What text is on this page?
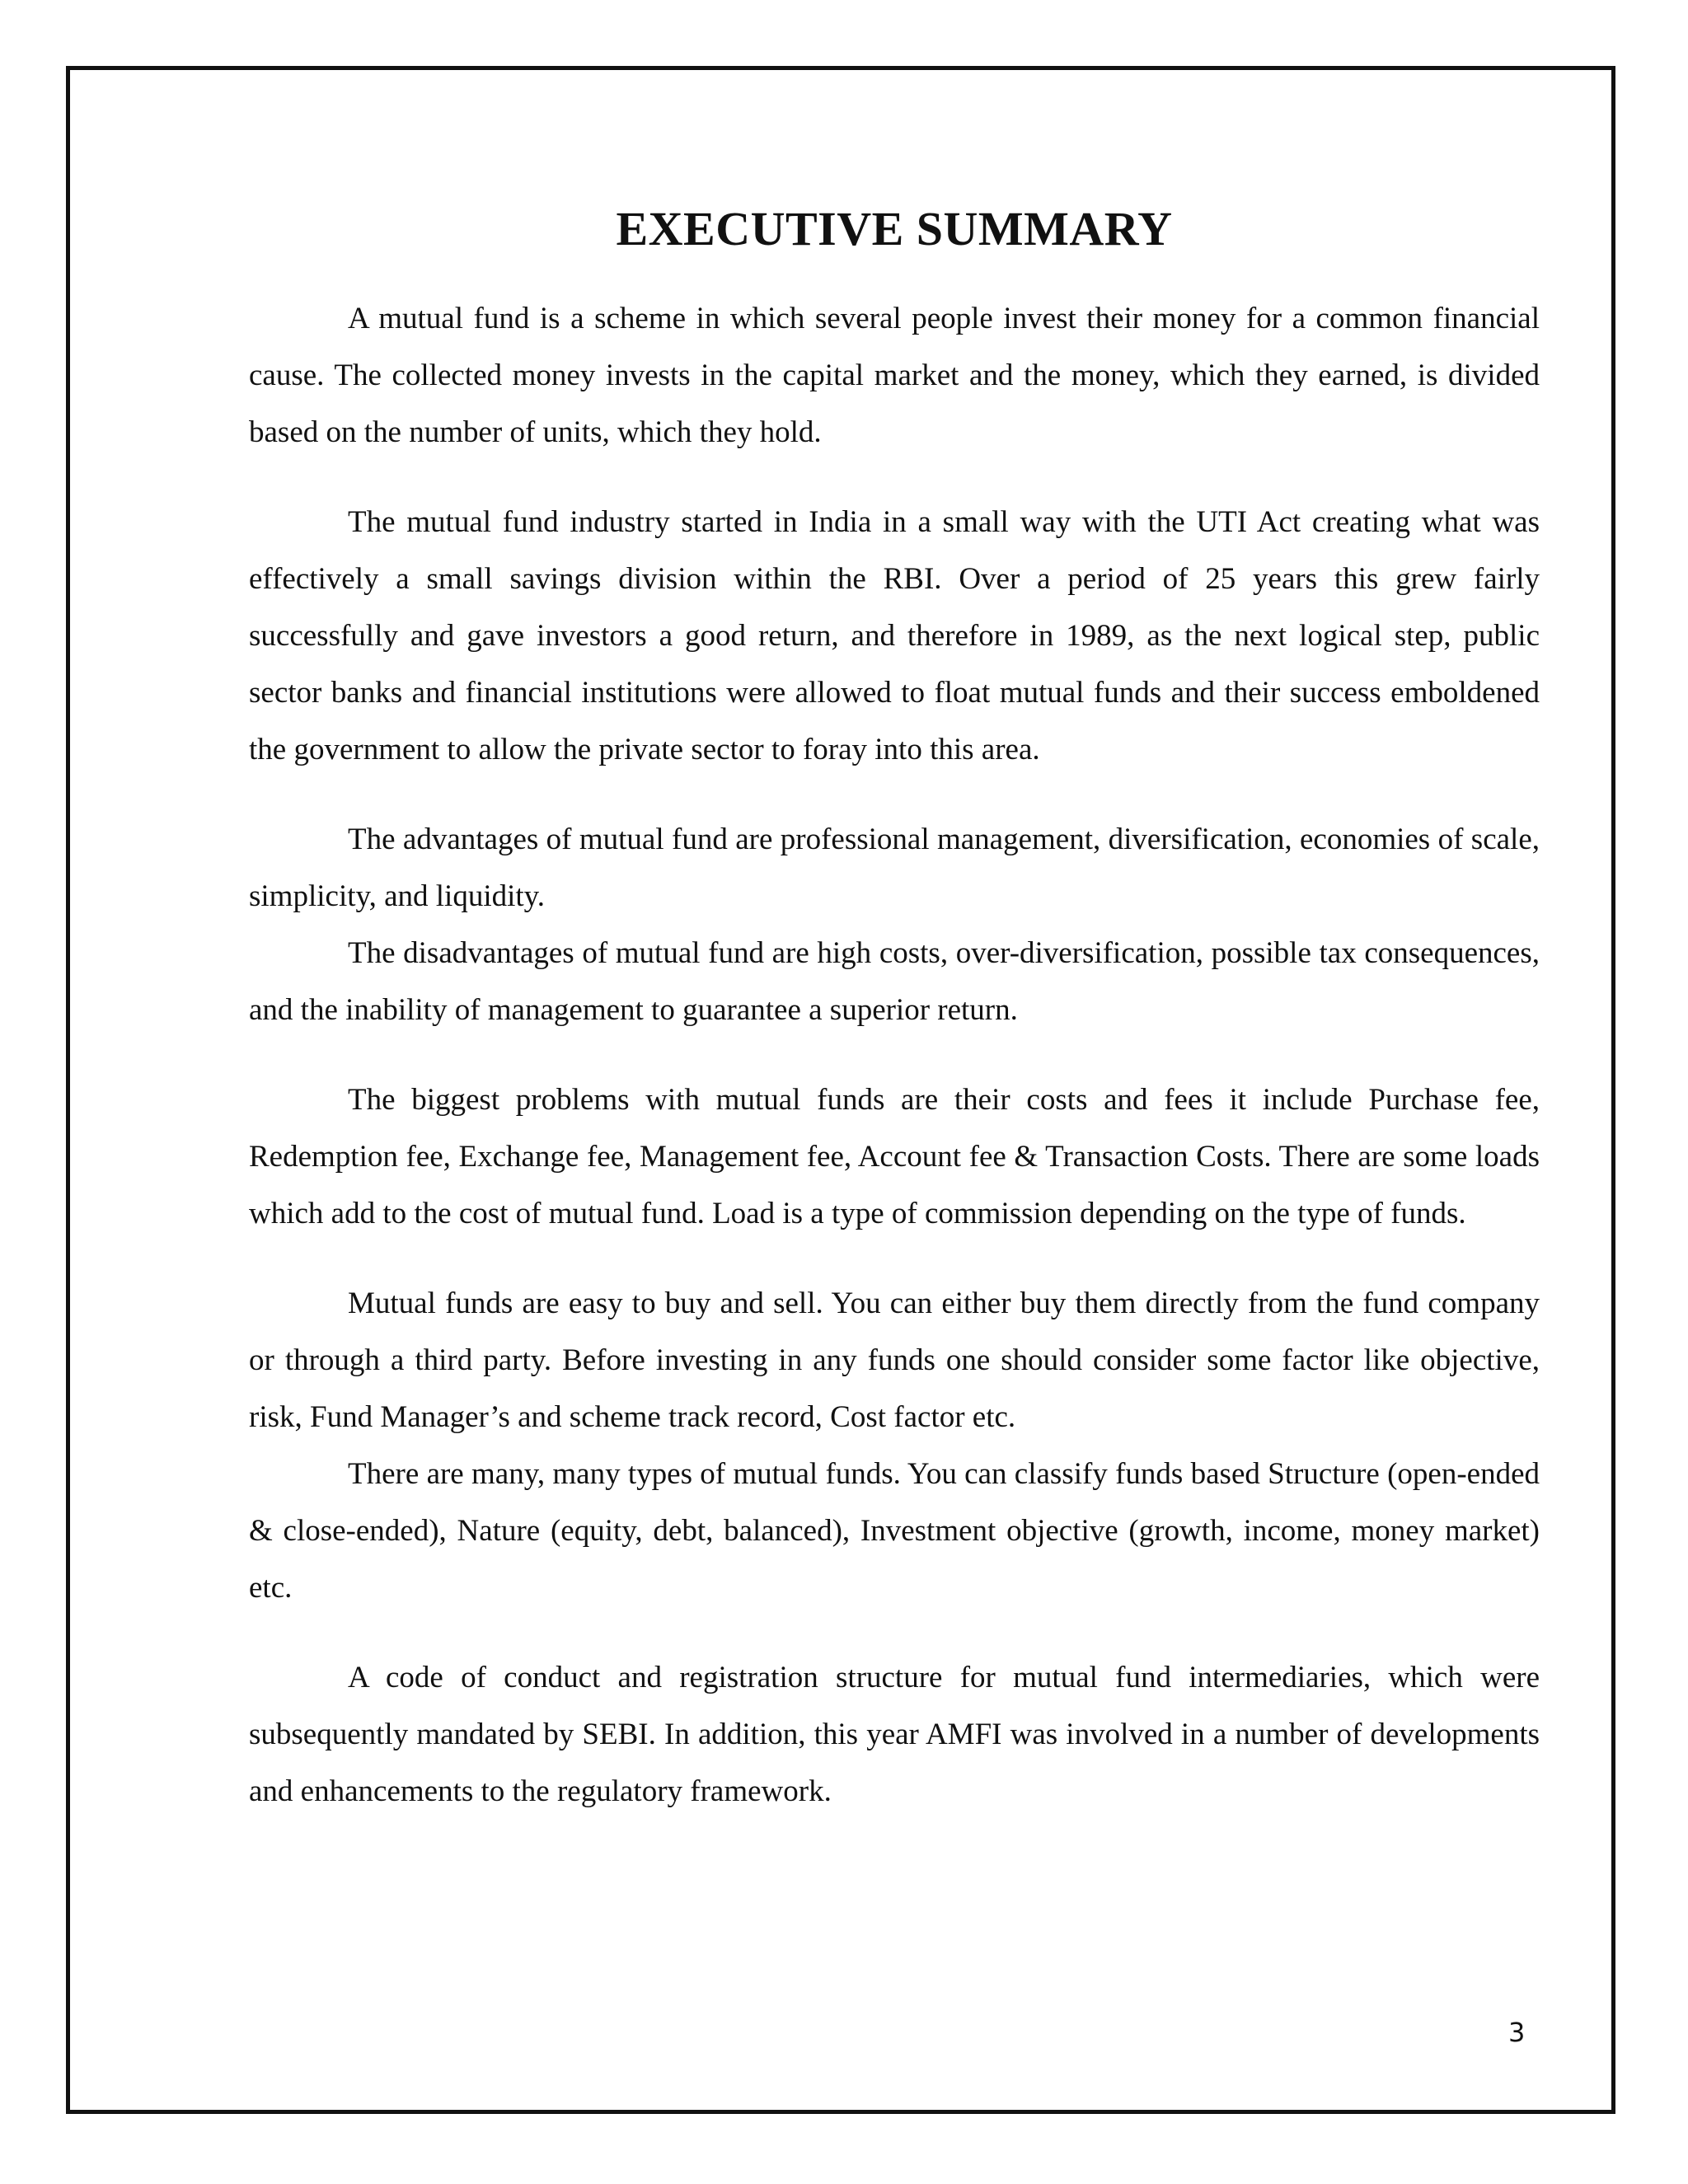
EXECUTIVE SUMMARY

A mutual fund is a scheme in which several people invest their money for a common financial cause. The collected money invests in the capital market and the money, which they earned, is divided based on the number of units, which they hold.

The mutual fund industry started in India in a small way with the UTI Act creating what was effectively a small savings division within the RBI. Over a period of 25 years this grew fairly successfully and gave investors a good return, and therefore in 1989, as the next logical step, public sector banks and financial institutions were allowed to float mutual funds and their success emboldened the government to allow the private sector to foray into this area.

The advantages of mutual fund are professional management, diversification, economies of scale, simplicity, and liquidity.

The disadvantages of mutual fund are high costs, over-diversification, possible tax consequences, and the inability of management to guarantee a superior return.

The biggest problems with mutual funds are their costs and fees it include Purchase fee, Redemption fee, Exchange fee, Management fee, Account fee & Transaction Costs. There are some loads which add to the cost of mutual fund. Load is a type of commission depending on the type of funds.

Mutual funds are easy to buy and sell. You can either buy them directly from the fund company or through a third party. Before investing in any funds one should consider some factor like objective, risk, Fund Manager’s and scheme track record, Cost factor etc.

There are many, many types of mutual funds. You can classify funds based Structure (open-ended & close-ended), Nature (equity, debt, balanced), Investment objective (growth, income, money market) etc.

A code of conduct and registration structure for mutual fund intermediaries, which were subsequently mandated by SEBI. In addition, this year AMFI was involved in a number of developments and enhancements to the regulatory framework.

3
